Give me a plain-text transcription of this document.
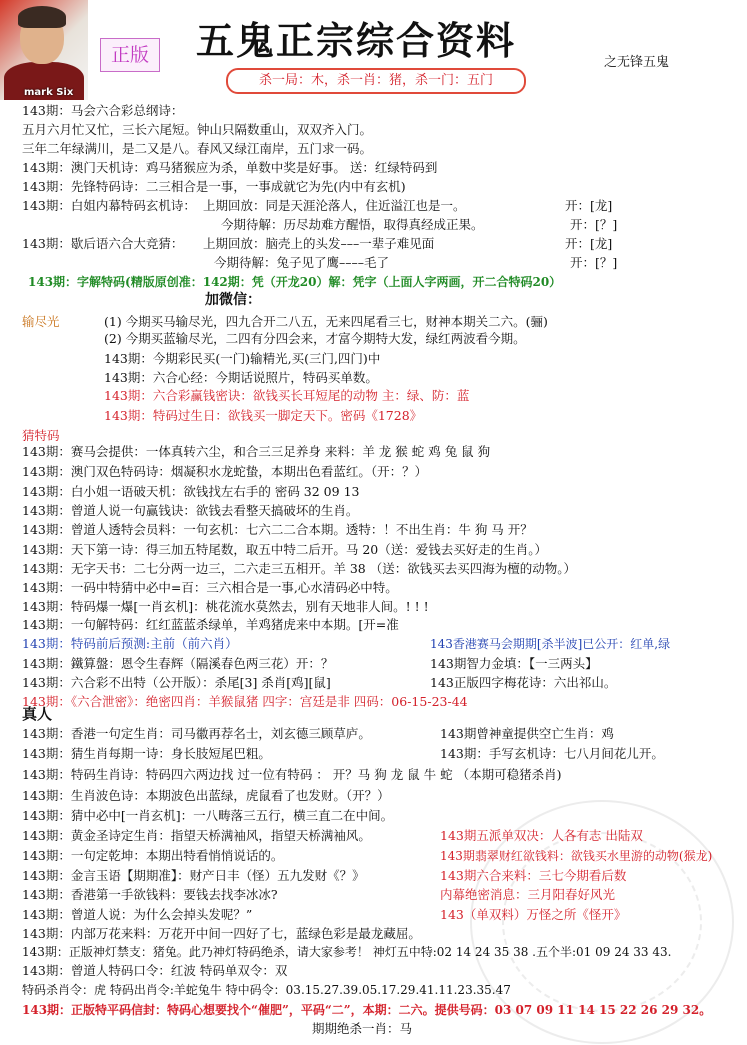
mark Six
正版 五鬼正宗综合资料
杀一局：木，杀一肖：猪，杀一门：五门
之无锋五鬼
143期：马会六合彩总纲诗：
五月六月忙又忙，三长六尾短。钟山只隔数重山，双双齐入门。
三年二年绿满川，是二又是八。春风又绿江南岸，五门求一码。
143期：澳门天机诗：鸡马猪猴应为杀，单数中奖是好事。 送：红绿特码到
143期：先锋特码诗：二三相合是一事，一事成就它为先(内中有玄机)
143期：白姐内幕特码玄机诗： 上期回放：同是天涯沦落人，住近溢江也是一。	开：[龙]
今期待解：历尽劫难方醒悟，取得真经成正果。	开：[？]
143期：歇后语六合大竞猜： 上期回放：脑壳上的头发–––一辈子难见面	开：[龙]
今期待解：兔子见了鹰––––毛了	开：[？]
143期：字解特码(精版原创准：142期：凭（开龙20）解：凭字（上面人字两画，开二合特码20）
加微信：
输尽光	(1) 今期买马输尽光，四九合开二八五，无来四尾看三七，财神本期关二六。(骊)
(2) 今期买蓝输尽光，二四有分四会来，才富今期特大发，绿红两波看今期。
143期：今期彩民买(一门)输精光,买(三门,四门)中
143期：六合心经：今期话说照片，特码买单数。
143期：六合彩赢钱密诀：欲钱买长耳短尾的动物 主：绿、防：蓝
143期：特码过生日：欲钱买一脚定天下。密码《1728》
猜特码
143期：赛马会提供：一体真转六尘，和合三三足养身 来料：羊 龙 猴 蛇 鸡 兔 鼠 狗
143期：澳门双色特码诗：烟凝积水龙蛇蛰，本期出色看蓝红。（开：？）
143期：白小姐一语破天机：欲钱找左右手的 密码 32 09 13
143期：曾道人说一句赢钱诀：欲钱去看整天搞破坏的生肖。
143期：曾道人透特会员料：一句玄机：七六二二合本期。透特：！不出生肖：牛 狗 马 开？
143期：天下第一诗：得三加五特尾数，取五中特二后开。马 20（送：爱钱去买好走的生肖。）
143期：无字天书：二七分两一边三，二六走三五相开。羊 38 （送：欲钱买去买四海为檀的动物。）
143期：一码中特猜中必中=百：三六相合是一事,心水清码必中特。
143期：特码爆一爆[一肖玄机]：桃花流水莫然去，别有天地非人间。! ! !
143期：一句解特码：红红蓝蓝杀绿单，羊鸡猪虎来中本期。[开=准
143期：特码前后预测:主前（前六肖）	143香港赛马会期期[杀半波]已公开：红单,绿
143期：鐵算盤：恩令生春辉（隔溪春色两三花）开：？	143期智力金填：【一三两头】
143期：六合彩不出特（公开版）：杀尾[3] 杀肖[鸡][鼠]	143正版四字梅花诗：六出祁山。
143期：《六合泄密》：绝密四肖：羊猴鼠猪 四字：宫廷是非 四码：06-15-23-44
真人
143期：香港一句定生肖：司马徽再荐名士，刘玄德三顾草庐。	143期曾神童提供空亡生肖：鸡
143期：猜生肖每期一诗：身长肢短尾巴粗。	143期：手写玄机诗：七八月间花儿开。
143期：特码生肖诗：特码四六两边找 过一位有特码 ： 开？马 狗 龙 鼠 牛 蛇 （本期可稳猪杀肖)
143期：生肖波色诗：本期波色出蓝绿，虎鼠看了也发财。（开？）
143期：猜中必中[一肖玄机]：一八畴落三五行，横三直二在中间。
143期：黄金圣诗定生肖：指望天桥满袖风，指望天桥满袖风。	143期五派单双决：人各有志 出陆双
143期：一句定乾坤：本期出特看悄悄说话的。	143期翡翠财红欲钱料：欲钱买水里游的动物(猴龙)
143期：金言玉语【期期准】：财产日丰（怪）五九发财《？》	143期六合来料：三七今期看后数
143期：香港第一手欲钱料：要钱去找李冰冰?	内幕绝密消息：三月阳春好风光
143期：曾道人说：为什么会掉头发呢？”	143（单双料）万怪之所《怪开》
143期：内部万花来料：万花开中间一四好了七，蓝绿色彩是最龙藏屈。
143期：正版神灯禁支：猪兔。此乃神灯特码绝杀，请大家参考！ 神灯五中特:02 14 24 35 38 .五个半:01 09 24 33 43.
143期：曾道人特码口令：红波 特码单双令：双
特码杀肖令：虎 特码出肖令:羊蛇兔牛 特中码令：03.15.27.39.05.17.29.41.11.23.35.47
143期：正版特平码信封：特码心想要找个“催肥”，平码“二”，本期：二六。提供号码：03 07 09 11 14 15 22 26 29 32。
期期绝杀一肖：马
